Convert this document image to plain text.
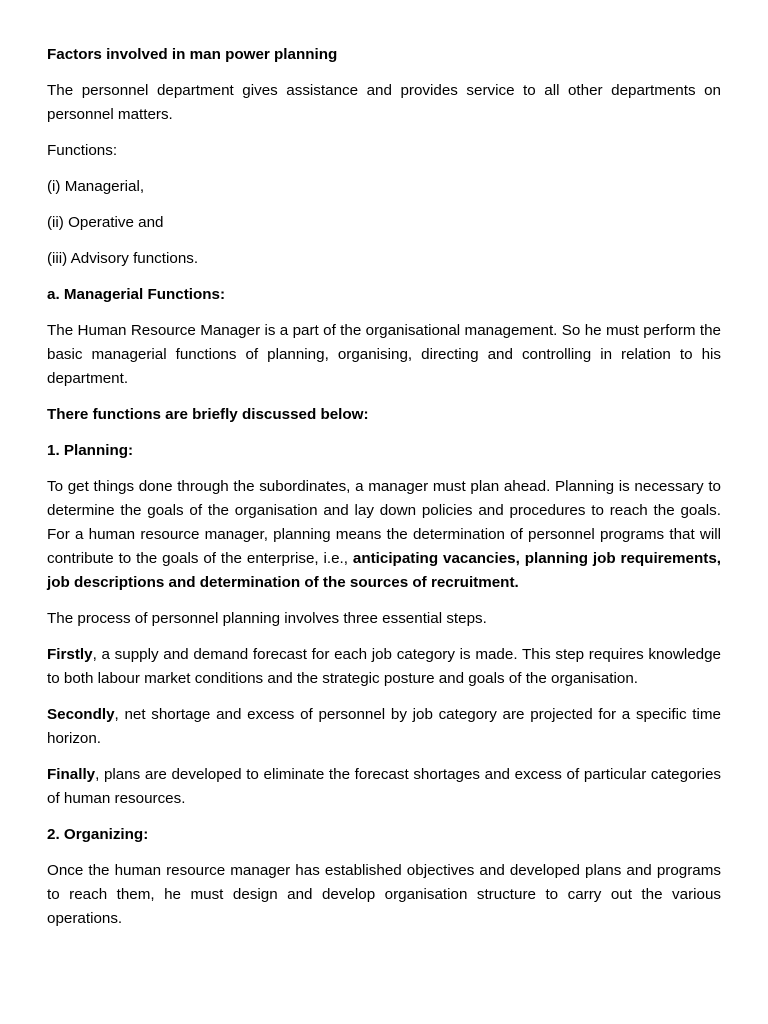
Factors involved in man power planning

The personnel department gives assistance and provides service to all other departments on personnel matters.

Functions:

(i) Managerial,

(ii) Operative and

(iii) Advisory functions.

a. Managerial Functions:

The Human Resource Manager is a part of the organisational management. So he must perform the basic managerial functions of planning, organising, directing and controlling in relation to his department.

There functions are briefly discussed below:

1. Planning:

To get things done through the subordinates, a manager must plan ahead. Planning is necessary to determine the goals of the organisation and lay down policies and procedures to reach the goals. For a human resource manager, planning means the determination of personnel programs that will contribute to the goals of the enterprise, i.e., anticipating vacancies, planning job requirements, job descriptions and determination of the sources of recruitment.

The process of personnel planning involves three essential steps.

Firstly, a supply and demand forecast for each job category is made. This step requires knowledge to both labour market conditions and the strategic posture and goals of the organisation.

Secondly, net shortage and excess of personnel by job category are projected for a specific time horizon.

Finally, plans are developed to eliminate the forecast shortages and excess of particular categories of human resources.

2. Organizing:

Once the human resource manager has established objectives and developed plans and programs to reach them, he must design and develop organisation structure to carry out the various operations.
